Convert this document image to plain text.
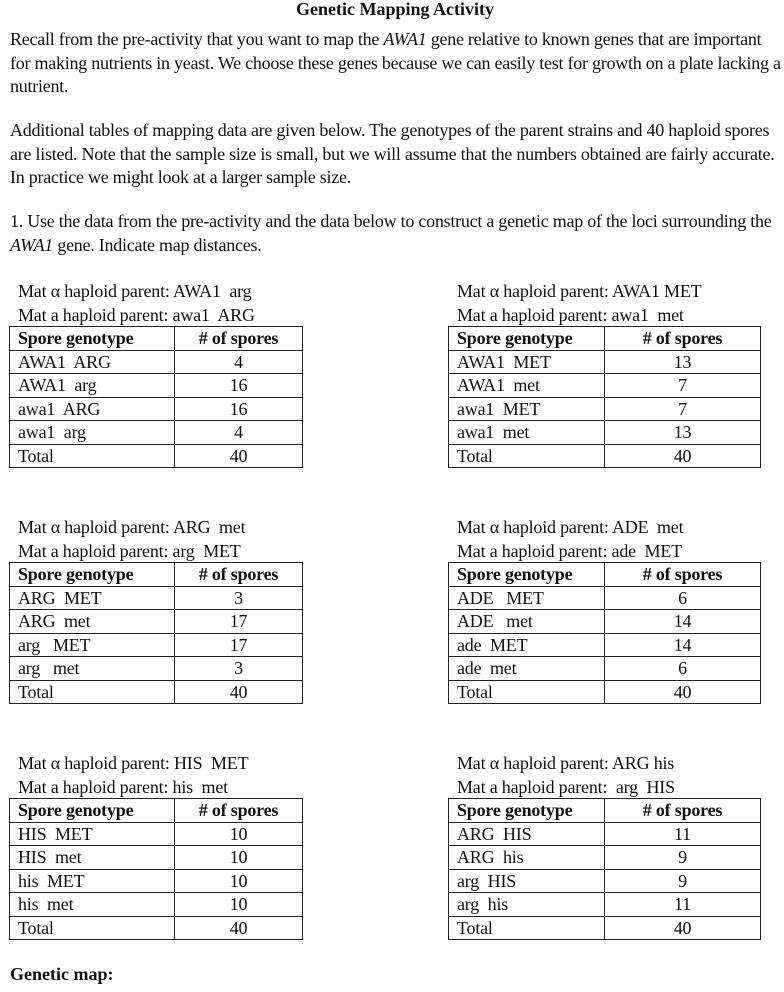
Genetic Mapping Activity
Recall from the pre-activity that you want to map the AWA1 gene relative to known genes that are important for making nutrients in yeast. We choose these genes because we can easily test for growth on a plate lacking a nutrient.
Additional tables of mapping data are given below. The genotypes of the parent strains and 40 haploid spores are listed. Note that the sample size is small, but we will assume that the numbers obtained are fairly accurate. In practice we might look at a larger sample size.
1. Use the data from the pre-activity and the data below to construct a genetic map of the loci surrounding the AWA1 gene. Indicate map distances.
Mat α haploid parent: AWA1  arg
Mat a haploid parent: awa1  ARG
Spore genotype	# of spores
AWA1  ARG	4
AWA1  arg	16
awa1  ARG	16
awa1  arg	4
Total	40
Mat α haploid parent: AWA1 MET
Mat a haploid parent: awa1  met
Spore genotype	# of spores
AWA1  MET	13
AWA1  met	7
awa1  MET	7
awa1  met	13
Total	40
Mat α haploid parent: ARG  met
Mat a haploid parent: arg  MET
Spore genotype	# of spores
ARG  MET	3
ARG  met	17
arg   MET	17
arg   met	3
Total	40
Mat α haploid parent: ADE  met
Mat a haploid parent: ade  MET
Spore genotype	# of spores
ADE   MET	6
ADE   met	14
ade  MET	14
ade  met	6
Total	40
Mat α haploid parent: HIS  MET
Mat a haploid parent: his  met
Spore genotype	# of spores
HIS  MET	10
HIS  met	10
his  MET	10
his  met	10
Total	40
Mat α haploid parent: ARG his
Mat a haploid parent:  arg  HIS
Spore genotype	# of spores
ARG  HIS	11
ARG  his	9
arg  HIS	9
arg  his	11
Total	40
Genetic map:
